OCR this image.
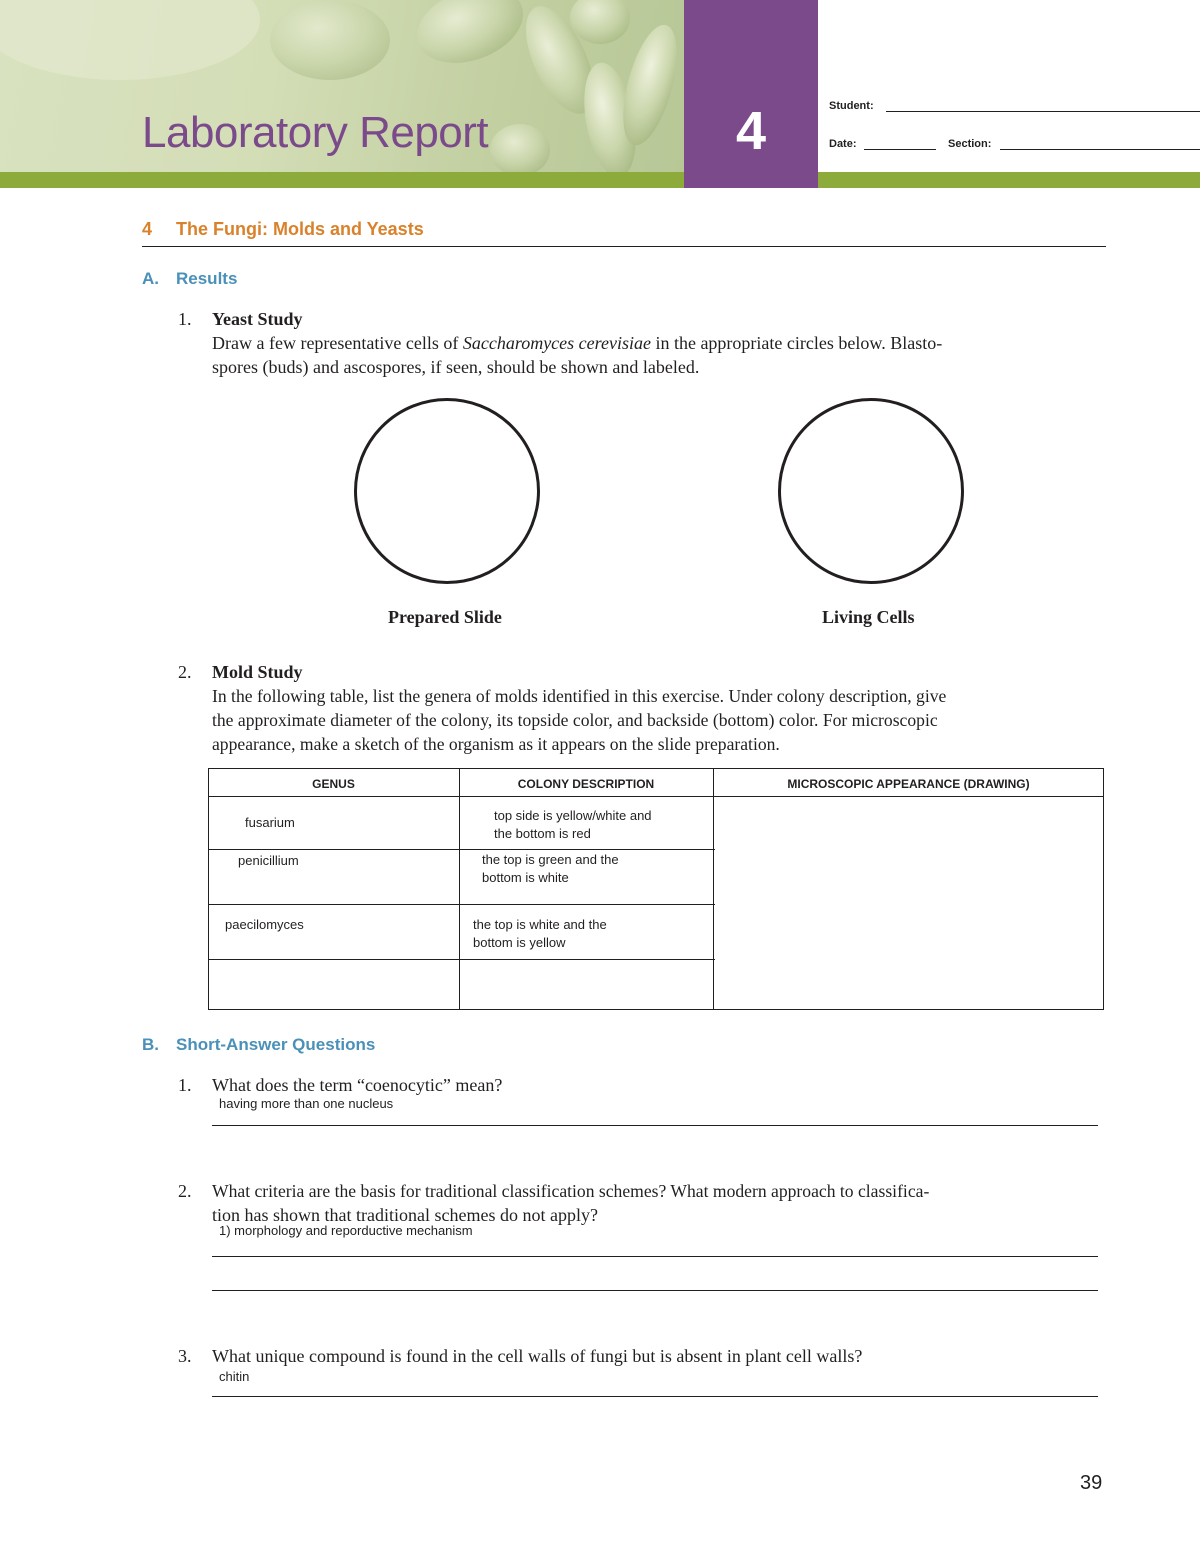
Laboratory Report	4	Student:
Date:	Section:
4 The Fungi: Molds and Yeasts
A. Results
1. Yeast Study
Draw a few representative cells of Saccharomyces cerevisiae in the appropriate circles below. Blasto-
spores (buds) and ascospores, if seen, should be shown and labeled.
Prepared Slide	Living Cells
2. Mold Study
In the following table, list the genera of molds identified in this exercise. Under colony description, give
the approximate diameter of the colony, its topside color, and backside (bottom) color. For microscopic
appearance, make a sketch of the organism as it appears on the slide preparation.
GENUS	COLONY DESCRIPTION	MICROSCOPIC APPEARANCE (DRAWING)
fusarium	top side is yellow/white and
the bottom is red
penicillium	the top is green and the
bottom is white
paecilomyces	the top is white and the
bottom is yellow
B. Short-Answer Questions
1. What does the term “coenocytic” mean?
having more than one nucleus
2. What criteria are the basis for traditional classification schemes? What modern approach to classifica-
tion has shown that traditional schemes do not apply?
1) morphology and reporductive mechanism
3. What unique compound is found in the cell walls of fungi but is absent in plant cell walls?
chitin
39
